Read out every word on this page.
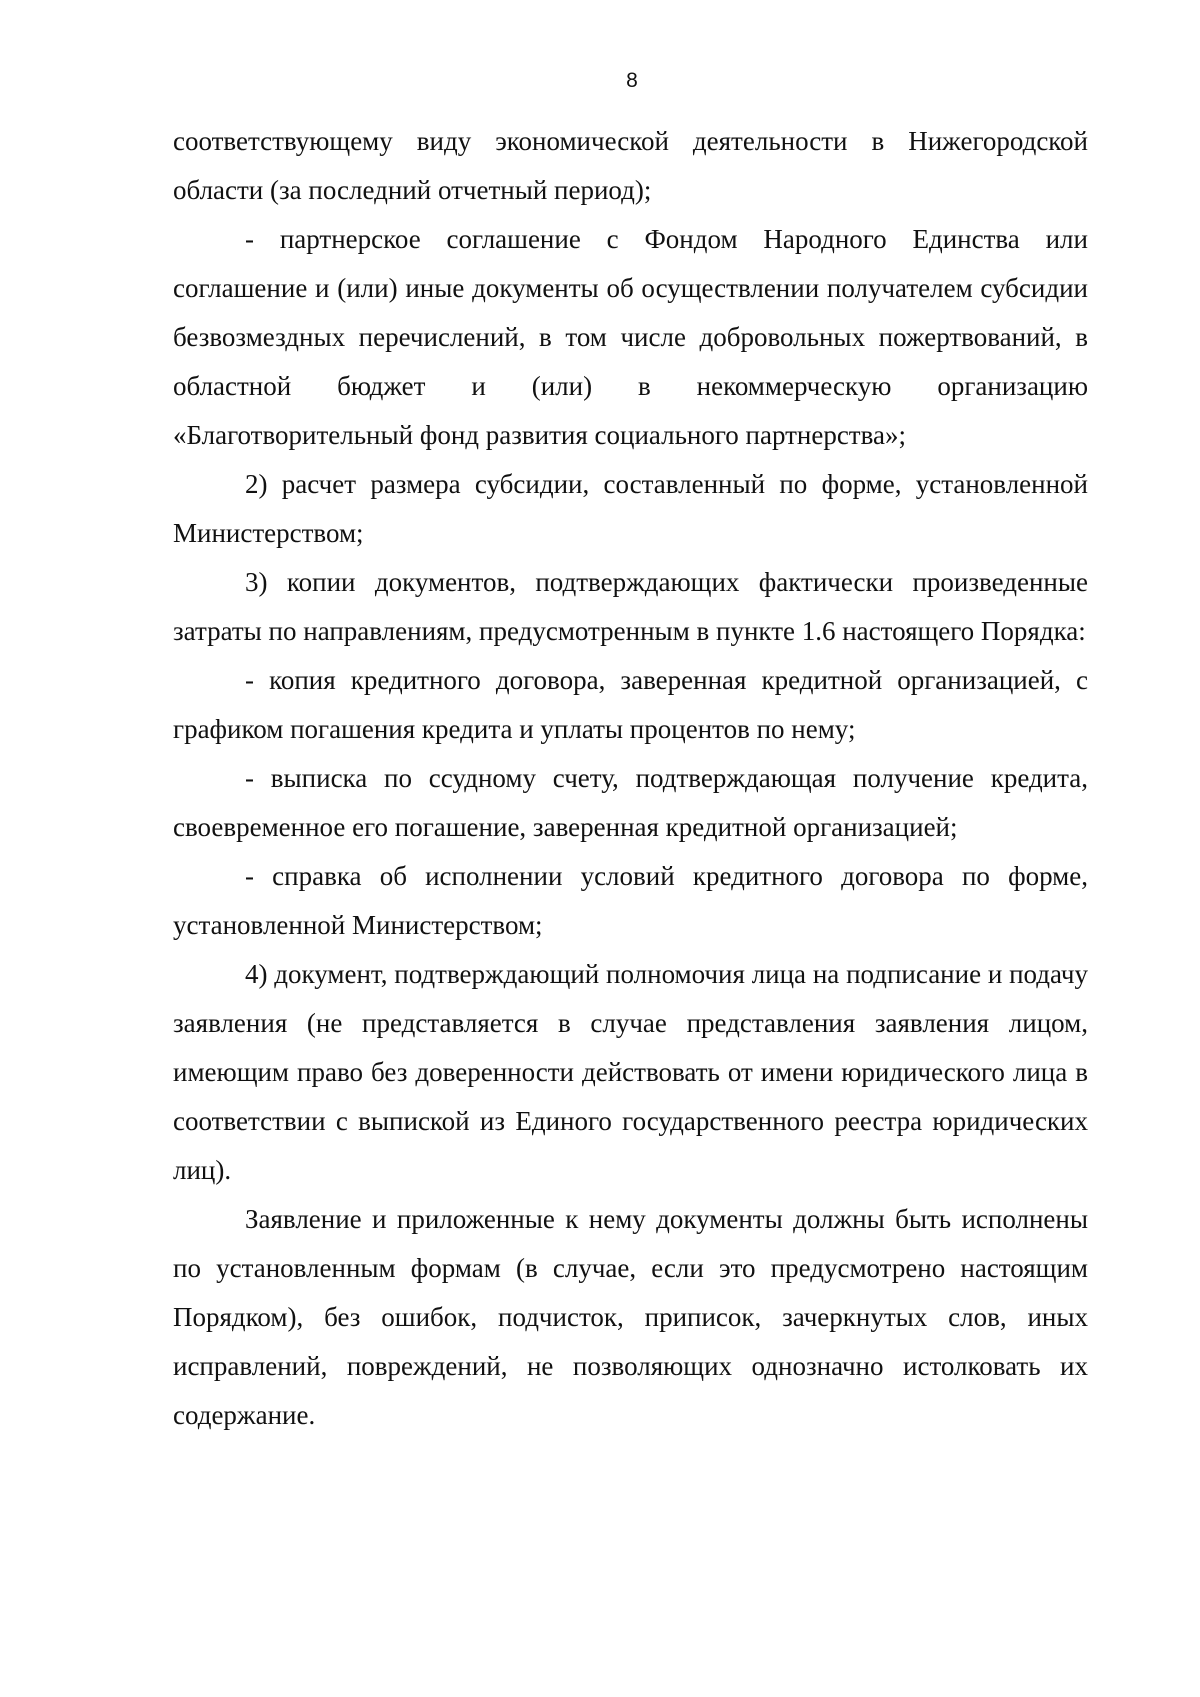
8

соответствующему виду экономической деятельности в Нижегородской области (за последний отчетный период);

- партнерское соглашение с Фондом Народного Единства или соглашение и (или) иные документы об осуществлении получателем субсидии безвозмездных перечислений, в том числе добровольных пожертвований, в областной бюджет и (или) в некоммерческую организацию «Благотворительный фонд развития социального партнерства»;

2) расчет размера субсидии, составленный по форме, установленной Министерством;

3) копии документов, подтверждающих фактически произведенные затраты по направлениям, предусмотренным в пункте 1.6 настоящего Порядка:

- копия кредитного договора, заверенная кредитной организацией, с графиком погашения кредита и уплаты процентов по нему;

- выписка по ссудному счету, подтверждающая получение кредита, своевременное его погашение, заверенная кредитной организацией;

- справка об исполнении условий кредитного договора по форме, установленной Министерством;

4) документ, подтверждающий полномочия лица на подписание и подачу заявления (не представляется в случае представления заявления лицом, имеющим право без доверенности действовать от имени юридического лица в соответствии с выпиской из Единого государственного реестра юридических лиц).

Заявление и приложенные к нему документы должны быть исполнены по установленным формам (в случае, если это предусмотрено настоящим Порядком), без ошибок, подчисток, приписок, зачеркнутых слов, иных исправлений, повреждений, не позволяющих однозначно истолковать их содержание.
